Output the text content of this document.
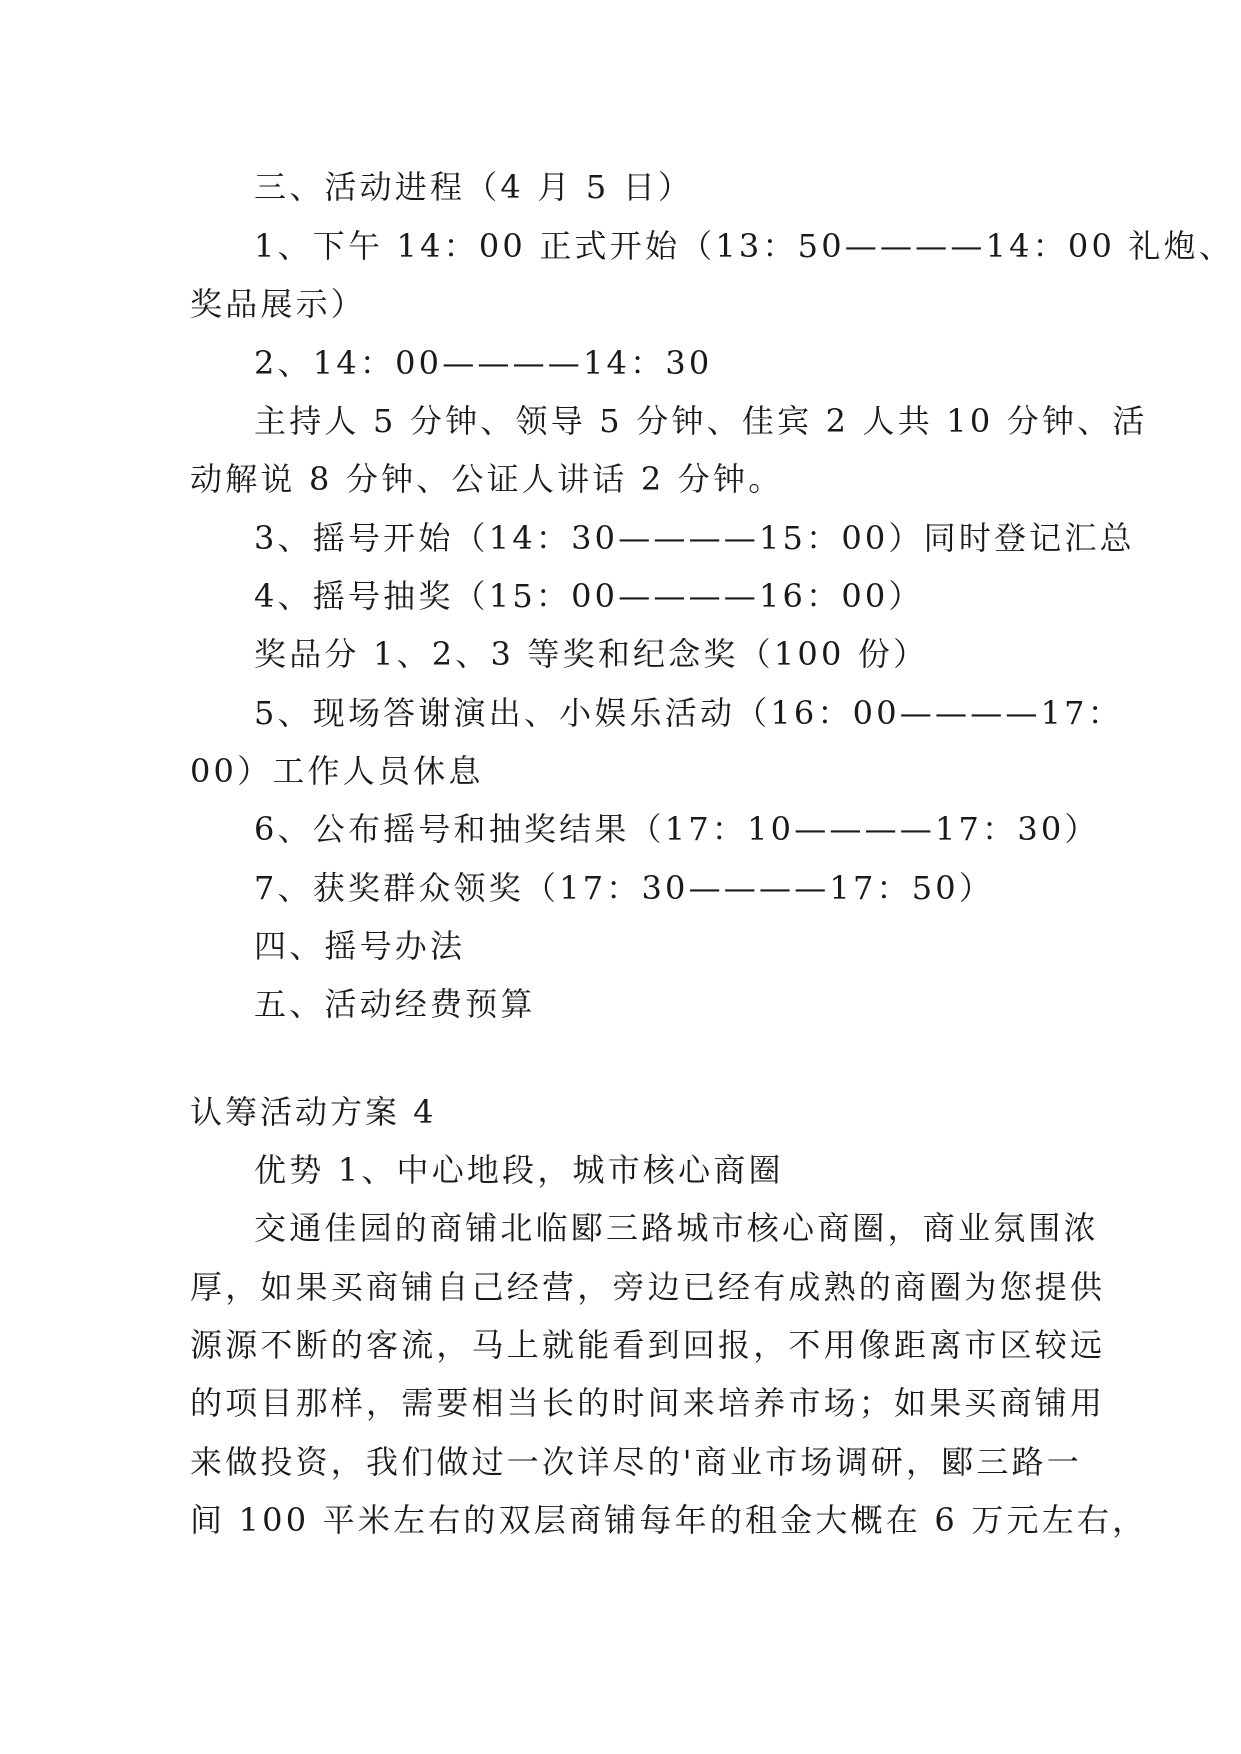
三、活动进程（4 月 5 日）
1、下午 14：00 正式开始（13：50————14：00 礼炮、
奖品展示）
2、14：00————14：30
主持人 5 分钟、领导 5 分钟、佳宾 2 人共 10 分钟、活
动解说 8 分钟、公证人讲话 2 分钟。
3、摇号开始（14：30————15：00）同时登记汇总
4、摇号抽奖（15：00————16：00）
奖品分 1、2、3 等奖和纪念奖（100 份）
5、现场答谢演出、小娱乐活动（16：00————17：
00）工作人员休息
6、公布摇号和抽奖结果（17：10————17：30）
7、获奖群众领奖（17：30————17：50）
四、摇号办法
五、活动经费预算
认筹活动方案 4
优势 1、中心地段，城市核心商圈
交通佳园的商铺北临郾三路城市核心商圈，商业氛围浓
厚，如果买商铺自己经营，旁边已经有成熟的商圈为您提供
源源不断的客流，马上就能看到回报，不用像距离市区较远
的项目那样，需要相当长的时间来培养市场；如果买商铺用
来做投资，我们做过一次详尽的'商业市场调研，郾三路一
间 100 平米左右的双层商铺每年的租金大概在 6 万元左右，
